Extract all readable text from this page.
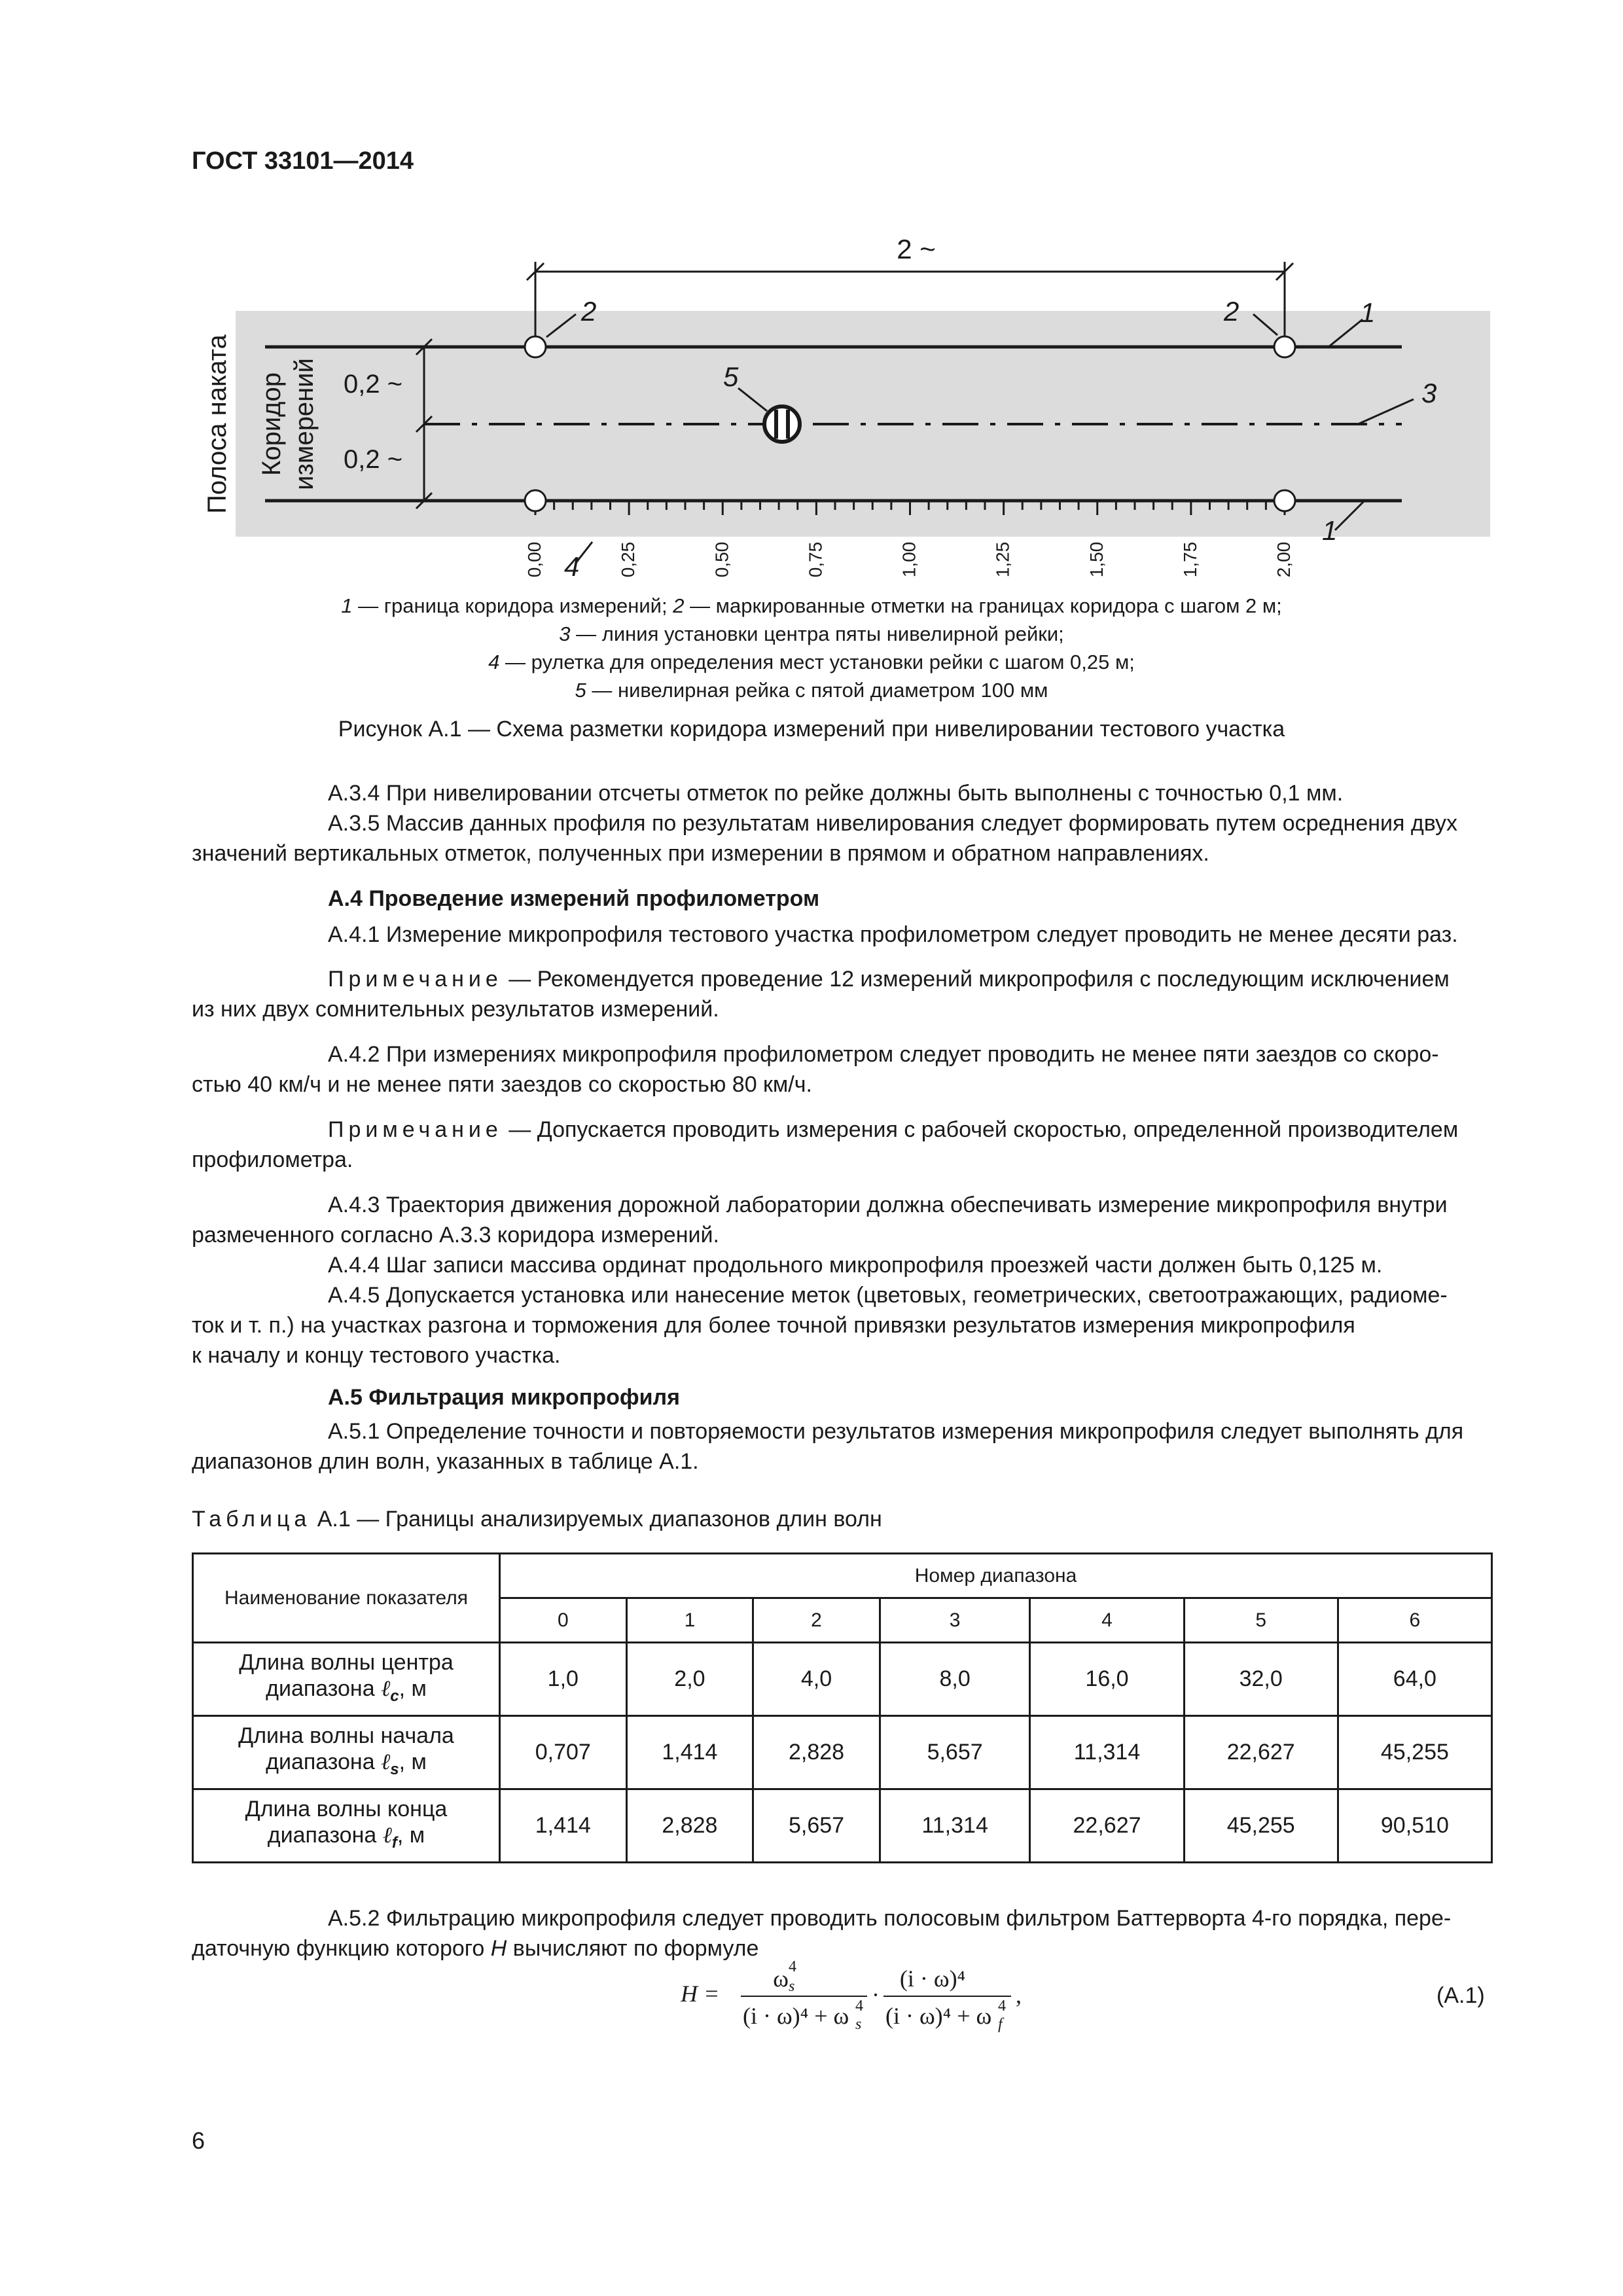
ГОСТ 33101—2014
Полоса наката Коридор измерений
2 ~
0,2 ~
0,2 ~
0,00	0,25	0,50	0,75	1,00	1,25	1,50	1,75	2,00
2	2	1
5
3
1
4
1 — граница коридора измерений; 2 — маркированные отметки на границах коридора с шагом 2 м;
3 — линия установки центра пяты нивелирной рейки;
4 — рулетка для определения мест установки рейки с шагом 0,25 м;
5 — нивелирная рейка с пятой диаметром 100 мм
Рисунок А.1 — Схема разметки коридора измерений при нивелировании тестового участка
А.3.4 При нивелировании отсчеты отметок по рейке должны быть выполнены с точностью 0,1 мм.
А.3.5 Массив данных профиля по результатам нивелирования следует формировать путем осреднения двух
значений вертикальных отметок, полученных при измерении в прямом и обратном направлениях.
А.4 Проведение измерений профилометром
А.4.1 Измерение микропрофиля тестового участка профилометром следует проводить не менее десяти раз.
Примечание — Рекомендуется проведение 12 измерений микропрофиля с последующим исключением
из них двух сомнительных результатов измерений.
А.4.2 При измерениях микропрофиля профилометром следует проводить не менее пяти заездов со скоро-
стью 40 км/ч и не менее пяти заездов со скоростью 80 км/ч.
Примечание — Допускается проводить измерения с рабочей скоростью, определенной производителем
профилометра.
А.4.3 Траектория движения дорожной лаборатории должна обеспечивать измерение микропрофиля внутри
размеченного согласно А.3.3 коридора измерений.
А.4.4 Шаг записи массива ординат продольного микропрофиля проезжей части должен быть 0,125 м.
А.4.5 Допускается установка или нанесение меток (цветовых, геометрических, светоотражающих, радиоме-
ток и т. п.) на участках разгона и торможения для более точной привязки результатов измерения микропрофиля
к началу и концу тестового участка.
А.5 Фильтрация микропрофиля
А.5.1 Определение точности и повторяемости результатов измерения микропрофиля следует выполнять для
диапазонов длин волн, указанных в таблице А.1.
Таблица А.1 — Границы анализируемых диапазонов длин волн
Наименование показателя	Номер диапазона						
	0	1	2	3	4	5	6
Длина волны центра
диапазона ℓ$_c$, м	1,0	2,0	4,0	8,0	16,0	32,0	64,0
Длина волны начала
диапазона ℓ$_s$, м	0,707	1,414	2,828	5,657	11,314	22,627	45,255
Длина волны конца
диапазона ℓ$_f$, м	1,414	2,828	5,657	11,314	22,627	45,255	90,510
А.5.2 Фильтрацию микропрофиля следует проводить полосовым фильтром Баттерворта 4-го порядка, пере-
даточную функцию которого H вычисляют по формуле
H =
ω s
4
(i · ω)⁴ + ω s
4 ·
(i · ω)⁴
(i · ω)⁴ + ω f
4 ,	(А.1)
6
